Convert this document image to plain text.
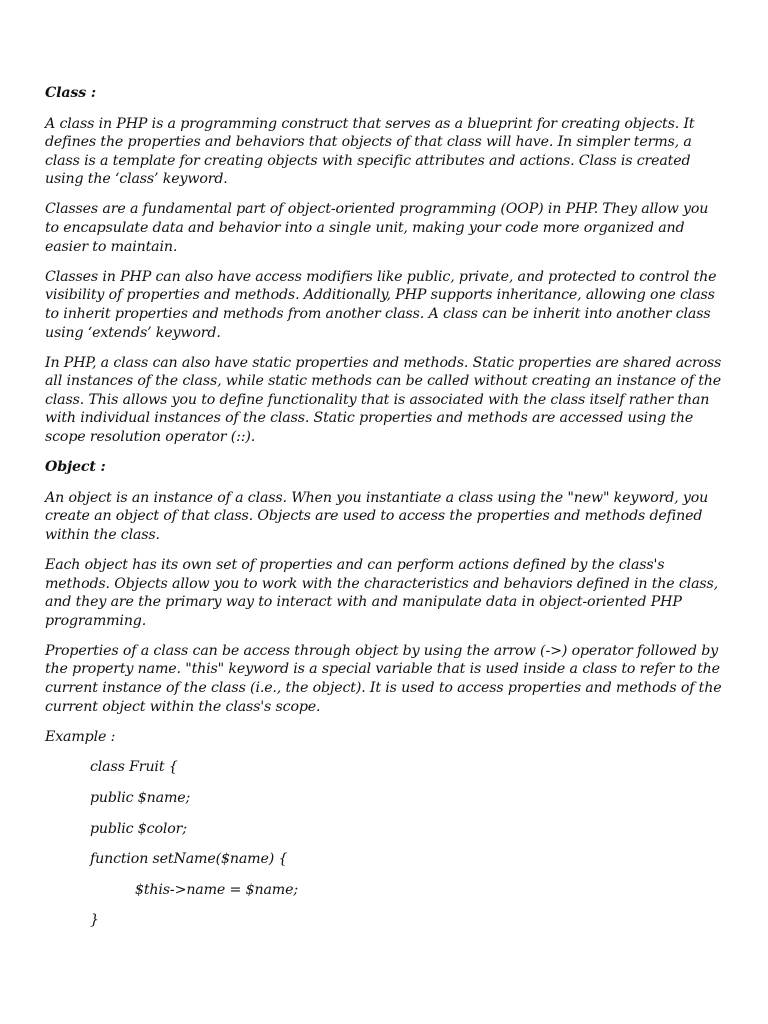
Class :

A class in PHP is a programming construct that serves as a blueprint for creating objects. It defines the properties and behaviors that objects of that class will have. In simpler terms, a class is a template for creating objects with specific attributes and actions. Class is created using the ‘class’ keyword.

Classes are a fundamental part of object-oriented programming (OOP) in PHP. They allow you to encapsulate data and behavior into a single unit, making your code more organized and easier to maintain.

Classes in PHP can also have access modifiers like public, private, and protected to control the visibility of properties and methods. Additionally, PHP supports inheritance, allowing one class to inherit properties and methods from another class. A class can be inherit into another class using ‘extends’ keyword.

In PHP, a class can also have static properties and methods. Static properties are shared across all instances of the class, while static methods can be called without creating an instance of the class. This allows you to define functionality that is associated with the class itself rather than with individual instances of the class. Static properties and methods are accessed using the scope resolution operator (::).

Object :

An object is an instance of a class. When you instantiate a class using the "new" keyword, you create an object of that class. Objects are used to access the properties and methods defined within the class.

Each object has its own set of properties and can perform actions defined by the class's methods. Objects allow you to work with the characteristics and behaviors defined in the class, and they are the primary way to interact with and manipulate data in object-oriented PHP programming.

Properties of a class can be access through object by using the arrow (->) operator followed by the property name. "this" keyword is a special variable that is used inside a class to refer to the current instance of the class (i.e., the object). It is used to access properties and methods of the current object within the class's scope.

Example :

class Fruit {

public $name;

public $color;

function setName($name) {

$this->name = $name;

}
